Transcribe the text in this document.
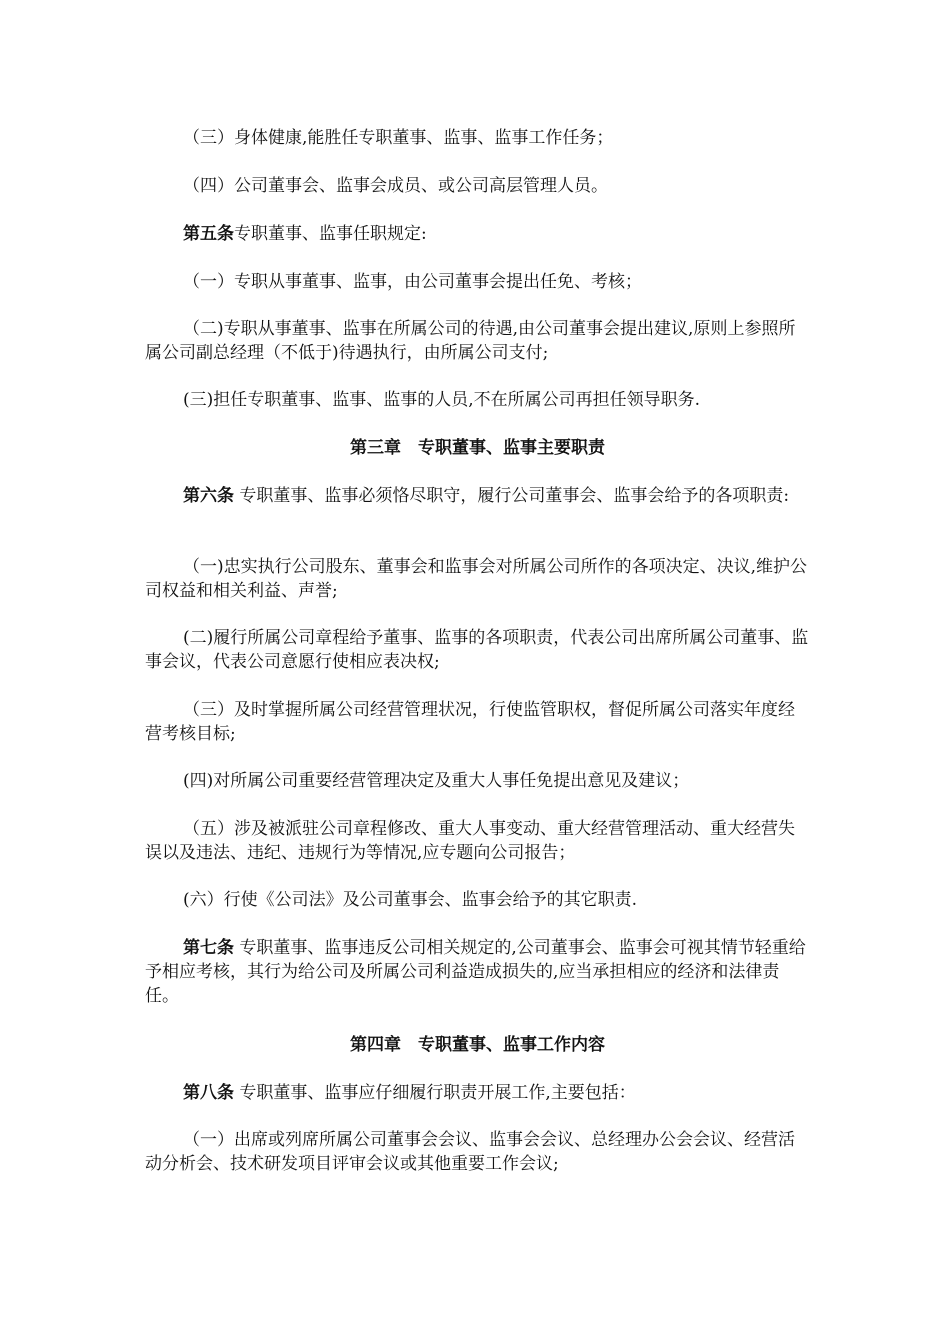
（三）身体健康,能胜任专职董事、监事、监事工作任务；

（四）公司董事会、监事会成员、或公司高层管理人员。

第五条专职董事、监事任职规定:

（一）专职从事董事、监事，由公司董事会提出任免、考核；

（二)专职从事董事、监事在所属公司的待遇,由公司董事会提出建议,原则上参照所属公司副总经理（不低于)待遇执行，由所属公司支付;

(三)担任专职董事、监事、监事的人员,不在所属公司再担任领导职务.

第三章　专职董事、监事主要职责

第六条 专职董事、监事必须恪尽职守，履行公司董事会、监事会给予的各项职责:

（一)忠实执行公司股东、董事会和监事会对所属公司所作的各项决定、决议,维护公司权益和相关利益、声誉;

(二)履行所属公司章程给予董事、监事的各项职责，代表公司出席所属公司董事、监事会议，代表公司意愿行使相应表决权;

（三）及时掌握所属公司经营管理状况，行使监管职权，督促所属公司落实年度经营考核目标;

(四)对所属公司重要经营管理决定及重大人事任免提出意见及建议；

（五）涉及被派驻公司章程修改、重大人事变动、重大经营管理活动、重大经营失误以及违法、违纪、违规行为等情况,应专题向公司报告；

(六）行使《公司法》及公司董事会、监事会给予的其它职责.

第七条 专职董事、监事违反公司相关规定的,公司董事会、监事会可视其情节轻重给予相应考核，其行为给公司及所属公司利益造成损失的,应当承担相应的经济和法律责任。

第四章　专职董事、监事工作内容

第八条 专职董事、监事应仔细履行职责开展工作,主要包括：

（一）出席或列席所属公司董事会会议、监事会会议、总经理办公会会议、经营活动分析会、技术研发项目评审会议或其他重要工作会议;
